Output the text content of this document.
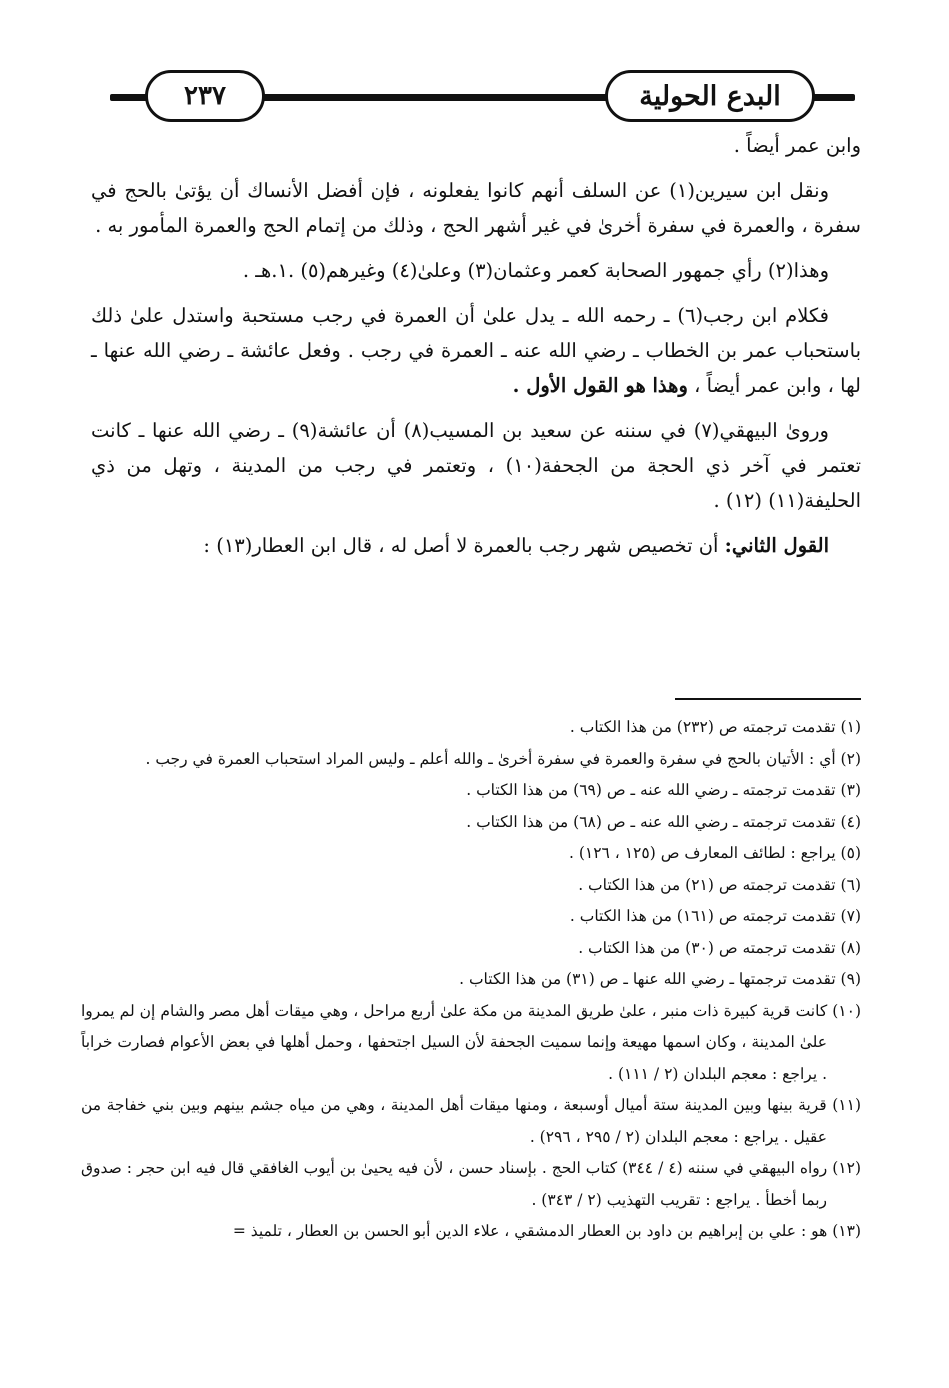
البدع الحولية
٢٣٧

وابن عمر أيضاً .

ونقل ابن سيرين(١) عن السلف أنهم كانوا يفعلونه ، فإن أفضل الأنساك أن يؤتىٰ بالحج في سفرة ، والعمرة في سفرة أخرىٰ في غير أشهر الحج ، وذلك من إتمام الحج والعمرة المأمور به .

وهذا(٢) رأي جمهور الصحابة كعمر وعثمان(٣) وعلىٰ(٤) وغيرهم(٥) .١.هـ .

فكلام ابن رجب(٦) ـ رحمه الله ـ يدل علىٰ أن العمرة في رجب مستحبة واستدل علىٰ ذلك باستحباب عمر بن الخطاب ـ رضي الله عنه ـ العمرة في رجب . وفعل عائشة ـ رضي الله عنها ـ لها ، وابن عمر أيضاً ، وهذا هو القول الأول .

وروىٰ البيهقي(٧) في سننه عن سعيد بن المسيب(٨) أن عائشة(٩) ـ رضي الله عنها ـ كانت تعتمر في آخر ذي الحجة من الجحفة(١٠) ، وتعتمر في رجب من المدينة ، وتهل من ذي الحليفة(١١) (١٢) .

القول الثاني: أن تخصيص شهر رجب بالعمرة لا أصل له ، قال ابن العطار(١٣) :

(١) تقدمت ترجمته ص (٢٣٢) من هذا الكتاب .

(٢) أي : الأتيان بالحج في سفرة والعمرة في سفرة أخرىٰ ـ والله أعلم ـ وليس المراد استحباب العمرة في رجب .

(٣) تقدمت ترجمته ـ رضي الله عنه ـ ص (٦٩) من هذا الكتاب .

(٤) تقدمت ترجمته ـ رضي الله عنه ـ ص (٦٨) من هذا الكتاب .

(٥) يراجع : لطائف المعارف ص (١٢٥ ، ١٢٦) .

(٦) تقدمت ترجمته ص (٢١) من هذا الكتاب .

(٧) تقدمت ترجمته ص (١٦١) من هذا الكتاب .

(٨) تقدمت ترجمته ص (٣٠) من هذا الكتاب .

(٩) تقدمت ترجمتها ـ رضي الله عنها ـ ص (٣١) من هذا الكتاب .

(١٠) كانت قرية كبيرة ذات منبر ، علىٰ طريق المدينة من مكة علىٰ أربع مراحل ، وهي ميقات أهل مصر والشام إن لم يمروا علىٰ المدينة ، وكان اسمها مهيعة وإنما سميت الجحفة لأن السيل اجتحفها ، وحمل أهلها في بعض الأعوام فصارت خراباً . يراجع : معجم البلدان (٢ / ١١١) .

(١١) قرية بينها وبين المدينة ستة أميال أوسبعة ، ومنها ميقات أهل المدينة ، وهي من مياه جشم بينهم وبين بني خفاجة من عقيل . يراجع : معجم البلدان (٢ / ٢٩٥ ، ٢٩٦) .

(١٢) رواه البيهقي في سننه (٤ / ٣٤٤) كتاب الحج . بإسناد حسن ، لأن فيه يحيىٰ بن أيوب الغافقي قال فيه ابن حجر : صدوق ربما أخطأ . يراجع : تقريب التهذيب (٢ / ٣٤٣) .

(١٣) هو : علي بن إبراهيم بن داود بن العطار الدمشقي ، علاء الدين أبو الحسن بن العطار ، تلميذ =
